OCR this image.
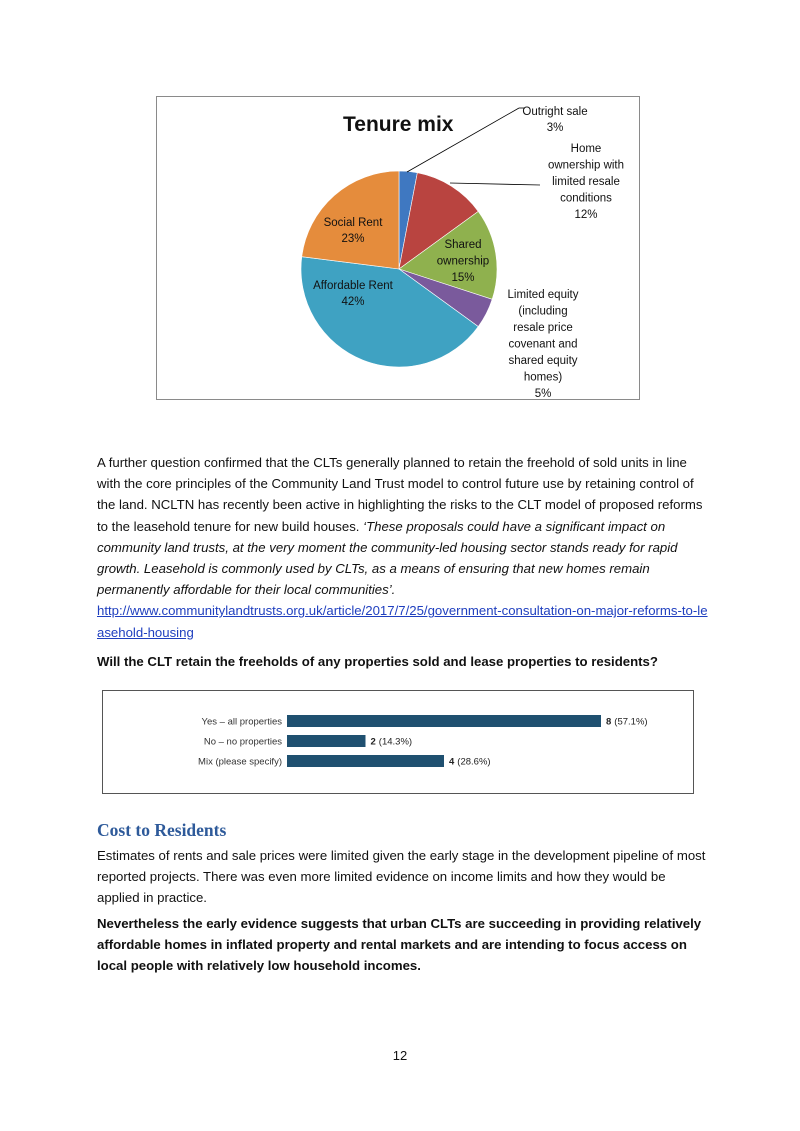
Tenure mix
Outright sale 3%
Home ownership with limited resale conditions 12%
Shared ownership 15%
Limited equity (including resale price covenant and shared equity homes) 5%
Affordable Rent 42%
Social Rent 23%

A further question confirmed that the CLTs generally planned to retain the freehold of sold units in line with the core principles of the Community Land Trust model to control future use by retaining control of the land. NCLTN has recently been active in highlighting the risks to the CLT model of proposed reforms to the leasehold tenure for new build houses. ‘These proposals could have a significant impact on community land trusts, at the very moment the community-led housing sector stands ready for rapid growth. Leasehold is commonly used by CLTs, as a means of ensuring that new homes remain permanently affordable for their local communities’.

http://www.communitylandtrusts.org.uk/article/2017/7/25/government-consultation-on-major-reforms-to-leasehold-housing

Will the CLT retain the freeholds of any properties sold and lease properties to residents?
Yes – all properties	8 (57.1%)
No – no properties	2 (14.3%)
Mix (please specify)	4 (28.6%)
Cost to Residents
Estimates of rents and sale prices were limited given the early stage in the development pipeline of most reported projects. There was even more limited evidence on income limits and how they would be applied in practice.
Nevertheless the early evidence suggests that urban CLTs are succeeding in providing relatively affordable homes in inflated property and rental markets and are intending to focus access on local people with relatively low household incomes.
12
